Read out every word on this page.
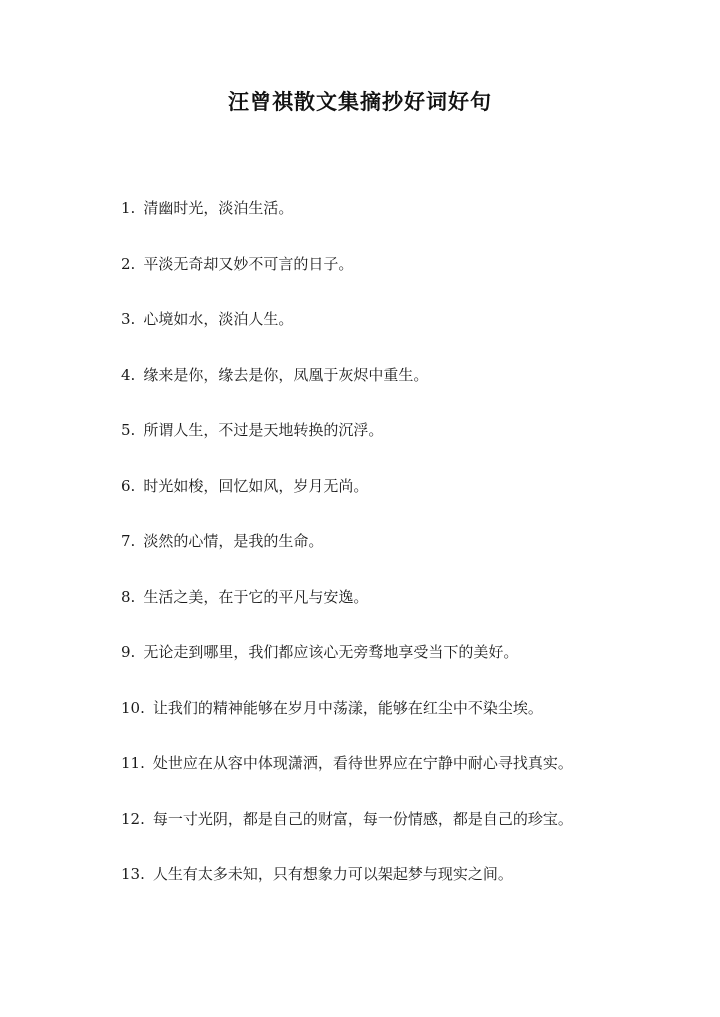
汪曾祺散文集摘抄好词好句
1. 清幽时光，淡泊生活。
2. 平淡无奇却又妙不可言的日子。
3. 心境如水，淡泊人生。
4. 缘来是你，缘去是你，凤凰于灰烬中重生。
5. 所谓人生，不过是天地转换的沉浮。
6. 时光如梭，回忆如风，岁月无尚。
7. 淡然的心情，是我的生命。
8. 生活之美，在于它的平凡与安逸。
9. 无论走到哪里，我们都应该心无旁骛地享受当下的美好。
10. 让我们的精神能够在岁月中荡漾，能够在红尘中不染尘埃。
11. 处世应在从容中体现潇洒，看待世界应在宁静中耐心寻找真实。
12. 每一寸光阴，都是自己的财富，每一份情感，都是自己的珍宝。
13. 人生有太多未知，只有想象力可以架起梦与现实之间。
